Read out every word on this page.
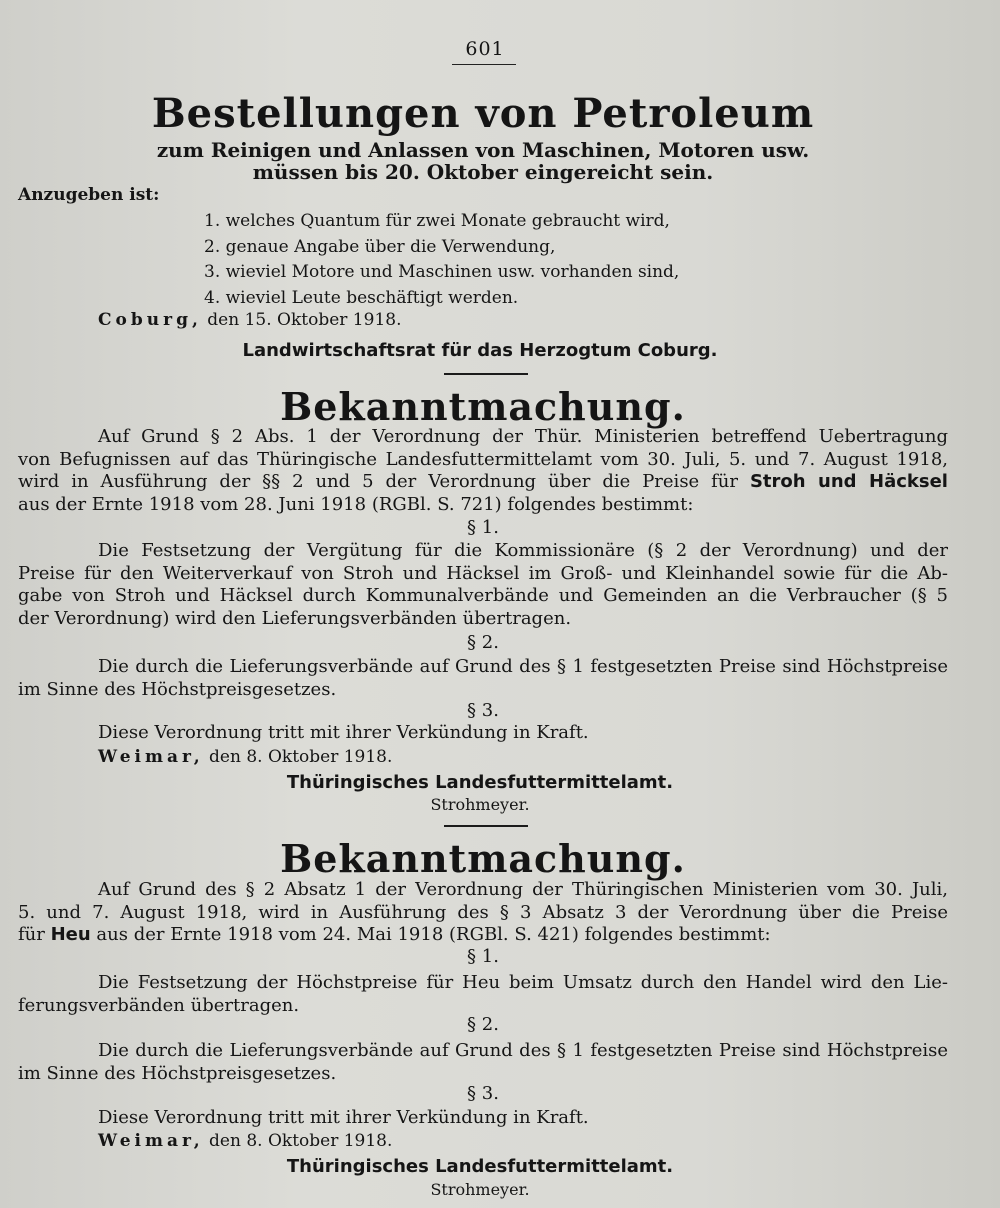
601
Bestellungen von Petroleum
zum Reinigen und Anlassen von Maschinen, Motoren usw.
müssen bis 20. Oktober eingereicht sein.
Anzugeben ist:
1. welches Quantum für zwei Monate gebraucht wird,
2. genaue Angabe über die Verwendung,
3. wieviel Motore und Maschinen usw. vorhanden sind,
4. wieviel Leute beschäftigt werden.
Coburg, den 15. Oktober 1918.
Landwirtschaftsrat für das Herzogtum Coburg.
Bekanntmachung.
Auf Grund § 2 Abs. 1 der Verordnung der Thür. Ministerien betreffend Uebertragung
von Befugnissen auf das Thüringische Landesfuttermittelamt vom 30. Juli, 5. und 7. August 1918,
wird in Ausführung der §§ 2 und 5 der Verordnung über die Preise für Stroh und Häcksel
aus der Ernte 1918 vom 28. Juni 1918 (RGBl. S. 721) folgendes bestimmt:
§ 1.
Die Festsetzung der Vergütung für die Kommissionäre (§ 2 der Verordnung) und der
Preise für den Weiterverkauf von Stroh und Häcksel im Groß- und Kleinhandel sowie für die Ab-
gabe von Stroh und Häcksel durch Kommunalverbände und Gemeinden an die Verbraucher (§ 5
der Verordnung) wird den Lieferungsverbänden übertragen.
§ 2.
Die durch die Lieferungsverbände auf Grund des § 1 festgesetzten Preise sind Höchstpreise
im Sinne des Höchstpreisgesetzes.
§ 3.
Diese Verordnung tritt mit ihrer Verkündung in Kraft.
Weimar, den 8. Oktober 1918.
Thüringisches Landesfuttermittelamt.
Strohmeyer.
Bekanntmachung.
Auf Grund des § 2 Absatz 1 der Verordnung der Thüringischen Ministerien vom 30. Juli,
5. und 7. August 1918, wird in Ausführung des § 3 Absatz 3 der Verordnung über die Preise
für Heu aus der Ernte 1918 vom 24. Mai 1918 (RGBl. S. 421) folgendes bestimmt:
§ 1.
Die Festsetzung der Höchstpreise für Heu beim Umsatz durch den Handel wird den Lie-
ferungsverbänden übertragen.
§ 2.
Die durch die Lieferungsverbände auf Grund des § 1 festgesetzten Preise sind Höchstpreise
im Sinne des Höchstpreisgesetzes.
§ 3.
Diese Verordnung tritt mit ihrer Verkündung in Kraft.
Weimar, den 8. Oktober 1918.
Thüringisches Landesfuttermittelamt.
Strohmeyer.
